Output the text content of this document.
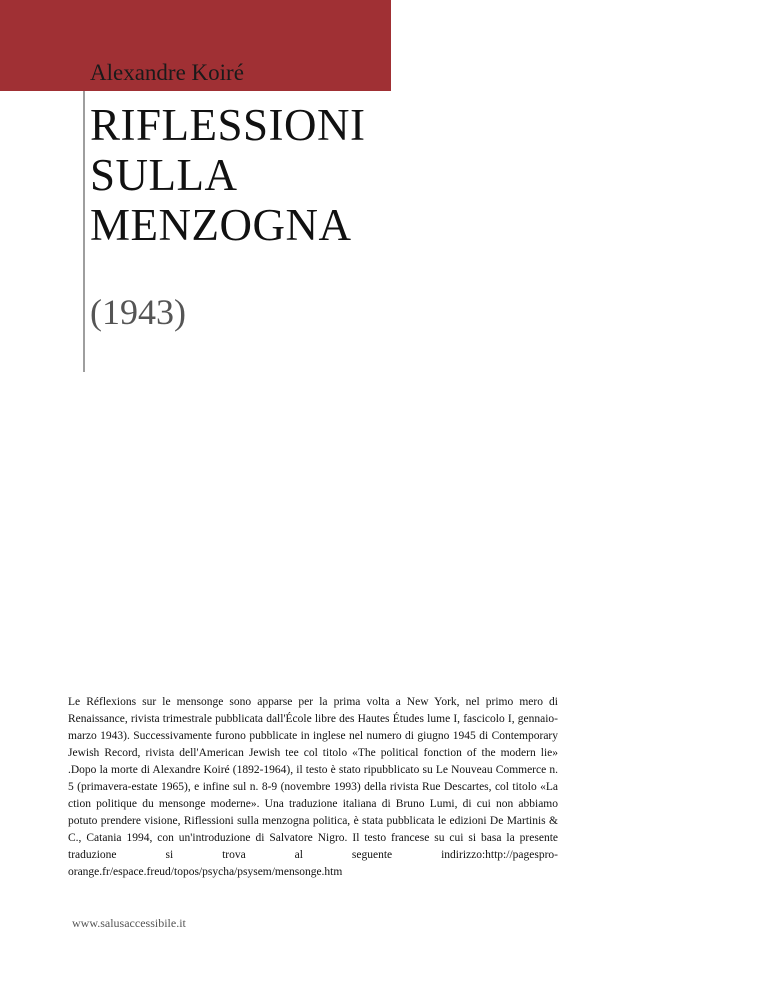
Alexandre Koiré
RIFLESSIONI
SULLA
MENZOGNA
(1943)
Le Réflexions sur le mensonge sono apparse per la prima volta a New York, nel primo mero di Renaissance, rivista trimestrale pubblicata dall'École libre des Hautes Études lume I, fascicolo I, gennaio-marzo 1943). Successivamente furono pubblicate in inglese nel numero di giugno 1945 di Contemporary Jewish Record, rivista dell'American Jewish tee col titolo «The political fonction of the modern lie» .Dopo la morte di Alexandre Koiré (1892-1964), il testo è stato ripubblicato su Le Nouveau Commerce n. 5 (primavera-estate 1965), e infine sul n. 8-9 (novembre 1993) della rivista Rue Descartes, col titolo «La ction politique du mensonge moderne». Una traduzione italiana di Bruno Lumi, di cui non abbiamo potuto prendere visione, Riflessioni sulla menzogna politica, è stata pubblicata le edizioni De Martinis & C., Catania 1994, con un'introduzione di Salvatore Nigro. Il testo francese su cui si basa la presente traduzione si trova al seguente indirizzo:http://pagespro-orange.fr/espace.freud/topos/psycha/psysem/mensonge.htm
www.salusaccessibile.it
